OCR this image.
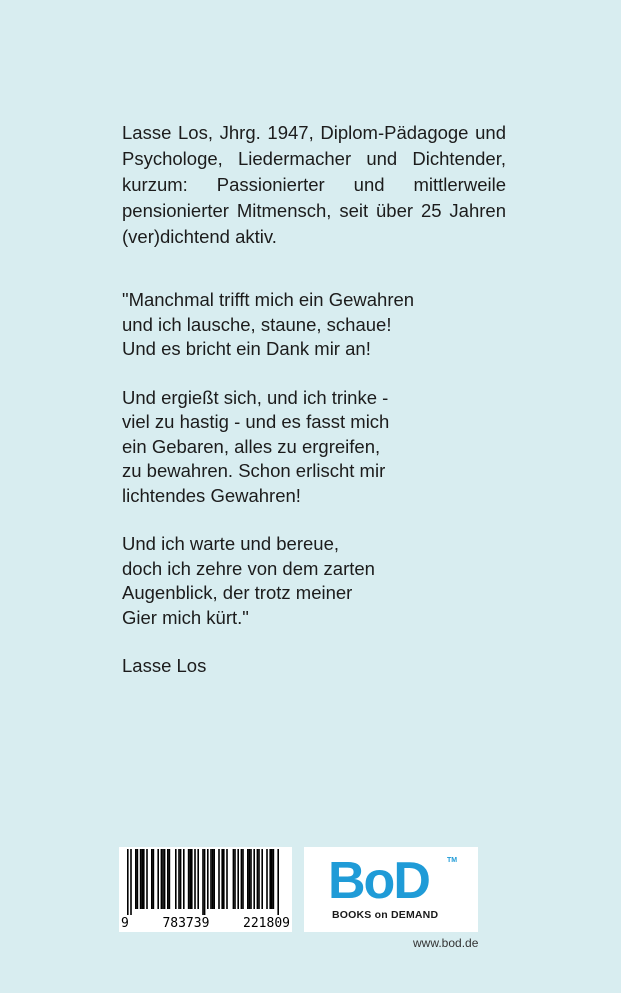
Lasse Los, Jhrg. 1947, Diplom-Pädagoge und Psychologe, Liedermacher und Dichtender, kurzum: Passionierter und mittlerweile pensionierter Mitmensch, seit über 25 Jahren (ver)dichtend aktiv.
"Manchmal trifft mich ein Gewahren
und ich lausche, staune, schaue!
Und es bricht ein Dank mir an!
Und ergießt sich, und ich trinke -
viel zu hastig - und es fasst mich
ein Gebaren, alles zu ergreifen,
zu bewahren. Schon erlischt mir
lichtendes Gewahren!
Und ich warte und bereue,
doch ich zehre von dem zarten
Augenblick, der trotz meiner
Gier mich kürt."
Lasse Los
9	783739	221809
BoD	TM
BOOKS on DEMAND
www.bod.de
